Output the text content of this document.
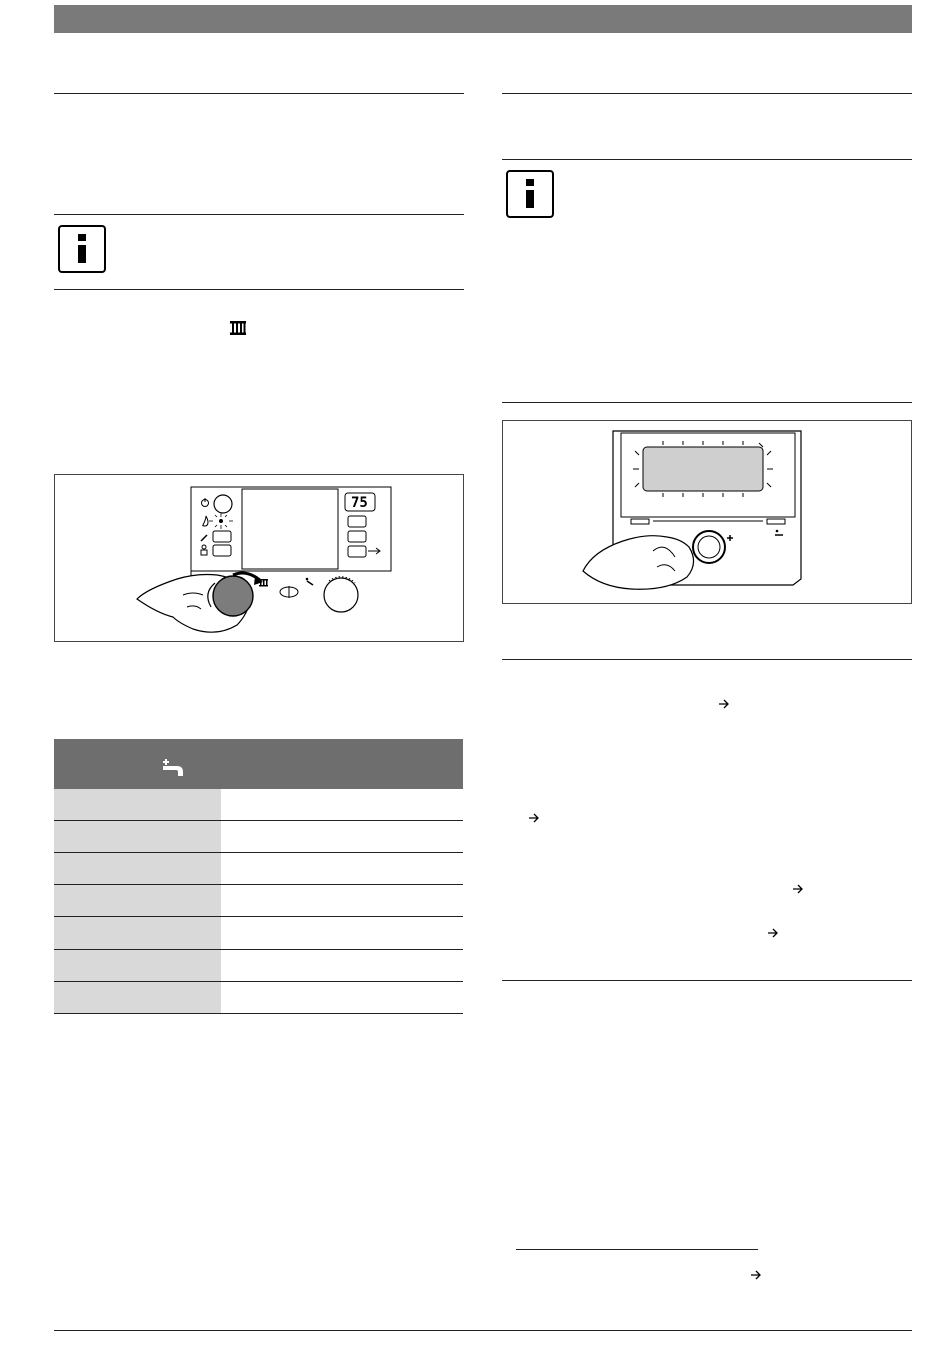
75
